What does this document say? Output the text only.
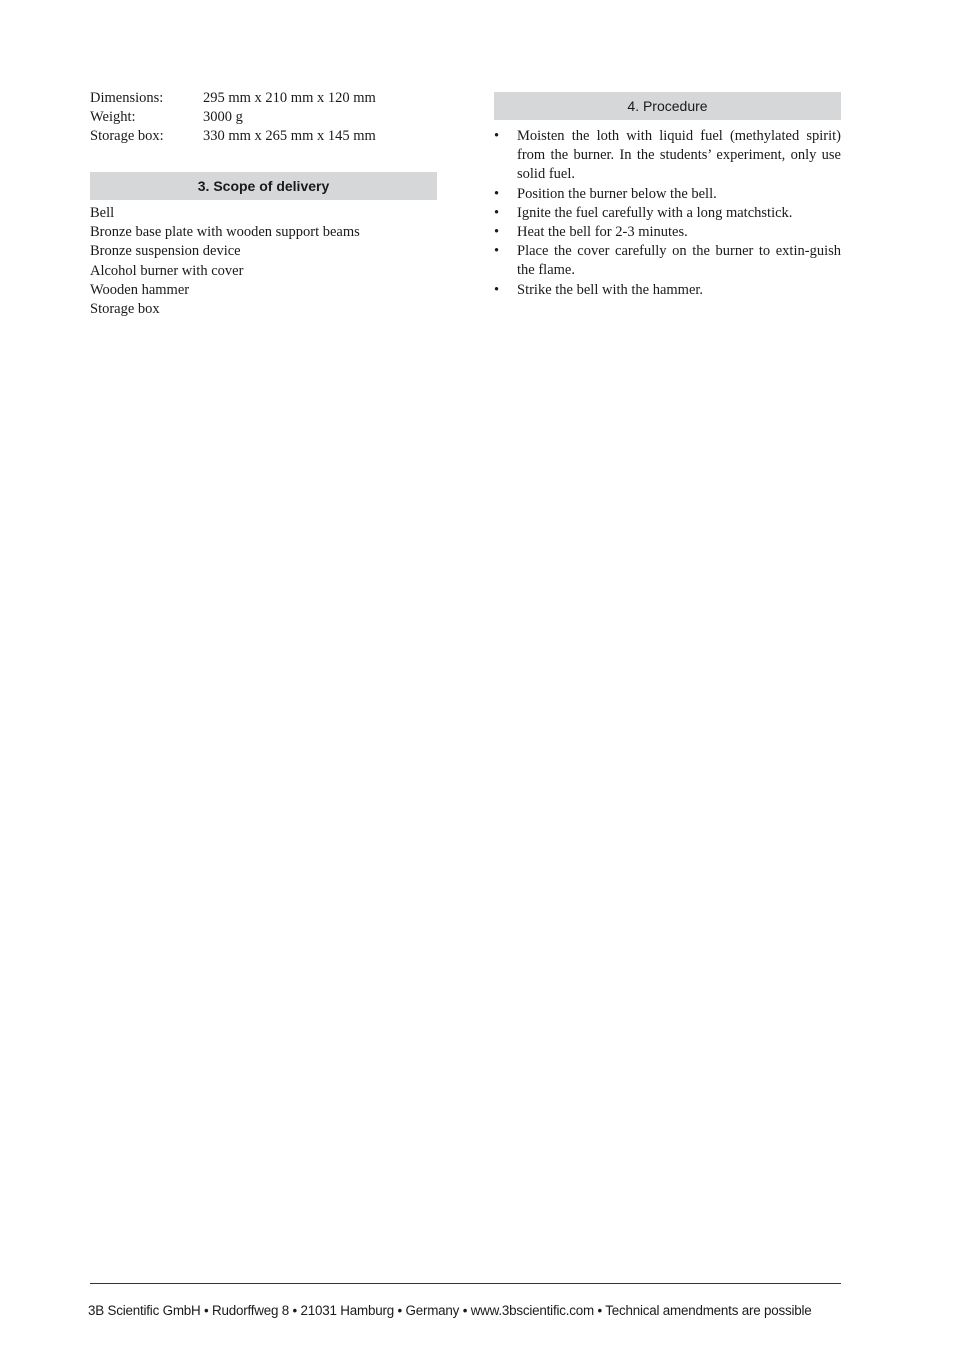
Dimensions:	295 mm x 210 mm x 120 mm
Weight:	3000 g
Storage box:	330 mm x 265 mm x 145 mm
3. Scope of delivery
Bell
Bronze base plate with wooden support beams
Bronze suspension device
Alcohol burner with cover
Wooden hammer
Storage box
4. Procedure
• Moisten the loth with liquid fuel (methylated spirit) from the burner. In the students’ experiment, only use solid fuel.
• Position the burner below the bell.
• Ignite the fuel carefully with a long matchstick.
• Heat the bell for 2-3 minutes.
• Place the cover carefully on the burner to extin-guish the flame.
• Strike the bell with the hammer.
3B Scientific GmbH • Rudorffweg 8 • 21031 Hamburg • Germany • www.3bscientific.com • Technical amendments are possible
